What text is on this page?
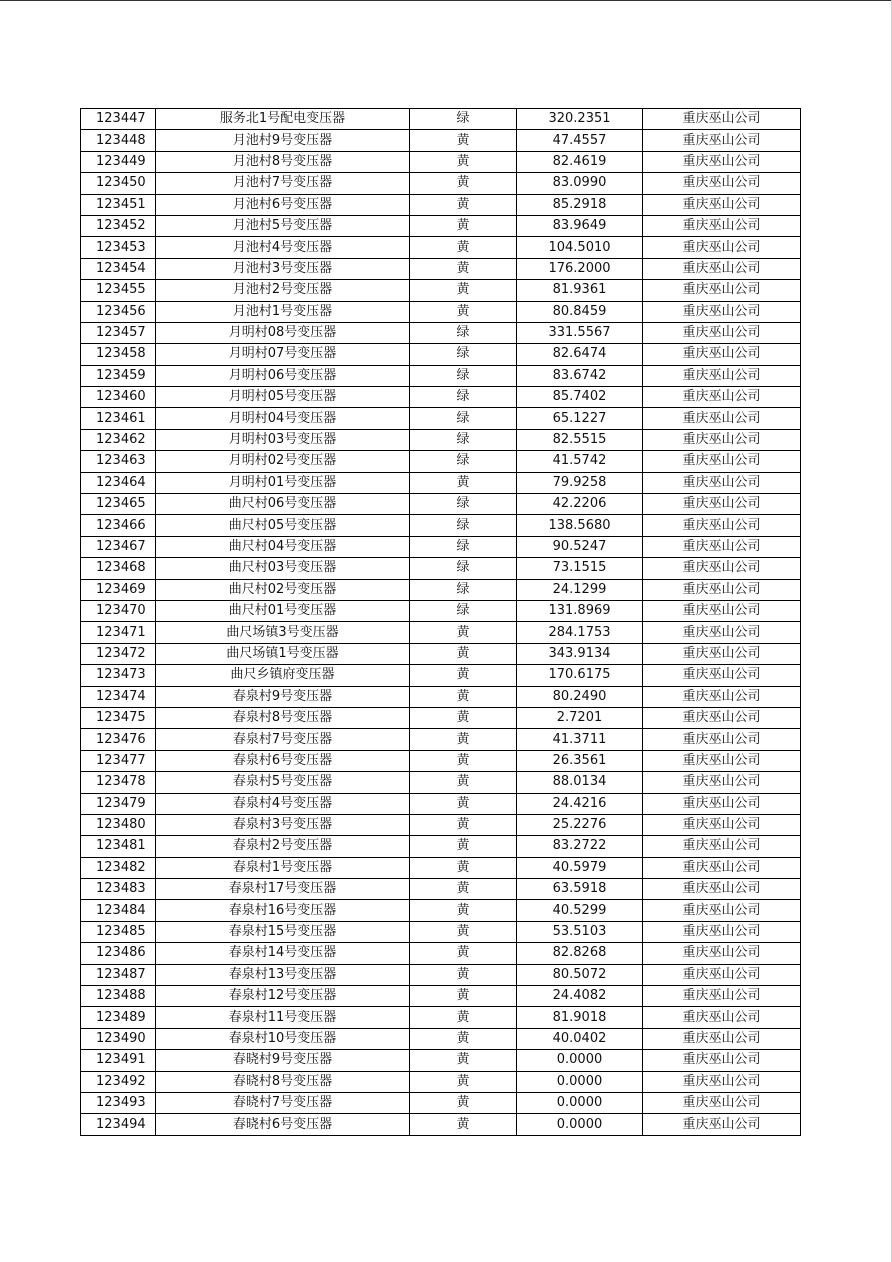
123447	服务北1号配电变压器	绿	320.2351	重庆巫山公司
123448	月池村9号变压器	黄	47.4557	重庆巫山公司
123449	月池村8号变压器	黄	82.4619	重庆巫山公司
123450	月池村7号变压器	黄	83.0990	重庆巫山公司
123451	月池村6号变压器	黄	85.2918	重庆巫山公司
123452	月池村5号变压器	黄	83.9649	重庆巫山公司
123453	月池村4号变压器	黄	104.5010	重庆巫山公司
123454	月池村3号变压器	黄	176.2000	重庆巫山公司
123455	月池村2号变压器	黄	81.9361	重庆巫山公司
123456	月池村1号变压器	黄	80.8459	重庆巫山公司
123457	月明村08号变压器	绿	331.5567	重庆巫山公司
123458	月明村07号变压器	绿	82.6474	重庆巫山公司
123459	月明村06号变压器	绿	83.6742	重庆巫山公司
123460	月明村05号变压器	绿	85.7402	重庆巫山公司
123461	月明村04号变压器	绿	65.1227	重庆巫山公司
123462	月明村03号变压器	绿	82.5515	重庆巫山公司
123463	月明村02号变压器	绿	41.5742	重庆巫山公司
123464	月明村01号变压器	黄	79.9258	重庆巫山公司
123465	曲尺村06号变压器	绿	42.2206	重庆巫山公司
123466	曲尺村05号变压器	绿	138.5680	重庆巫山公司
123467	曲尺村04号变压器	绿	90.5247	重庆巫山公司
123468	曲尺村03号变压器	绿	73.1515	重庆巫山公司
123469	曲尺村02号变压器	绿	24.1299	重庆巫山公司
123470	曲尺村01号变压器	绿	131.8969	重庆巫山公司
123471	曲尺场镇3号变压器	黄	284.1753	重庆巫山公司
123472	曲尺场镇1号变压器	黄	343.9134	重庆巫山公司
123473	曲尺乡镇府变压器	黄	170.6175	重庆巫山公司
123474	春泉村9号变压器	黄	80.2490	重庆巫山公司
123475	春泉村8号变压器	黄	2.7201	重庆巫山公司
123476	春泉村7号变压器	黄	41.3711	重庆巫山公司
123477	春泉村6号变压器	黄	26.3561	重庆巫山公司
123478	春泉村5号变压器	黄	88.0134	重庆巫山公司
123479	春泉村4号变压器	黄	24.4216	重庆巫山公司
123480	春泉村3号变压器	黄	25.2276	重庆巫山公司
123481	春泉村2号变压器	黄	83.2722	重庆巫山公司
123482	春泉村1号变压器	黄	40.5979	重庆巫山公司
123483	春泉村17号变压器	黄	63.5918	重庆巫山公司
123484	春泉村16号变压器	黄	40.5299	重庆巫山公司
123485	春泉村15号变压器	黄	53.5103	重庆巫山公司
123486	春泉村14号变压器	黄	82.8268	重庆巫山公司
123487	春泉村13号变压器	黄	80.5072	重庆巫山公司
123488	春泉村12号变压器	黄	24.4082	重庆巫山公司
123489	春泉村11号变压器	黄	81.9018	重庆巫山公司
123490	春泉村10号变压器	黄	40.0402	重庆巫山公司
123491	春晓村9号变压器	黄	0.0000	重庆巫山公司
123492	春晓村8号变压器	黄	0.0000	重庆巫山公司
123493	春晓村7号变压器	黄	0.0000	重庆巫山公司
123494	春晓村6号变压器	黄	0.0000	重庆巫山公司
